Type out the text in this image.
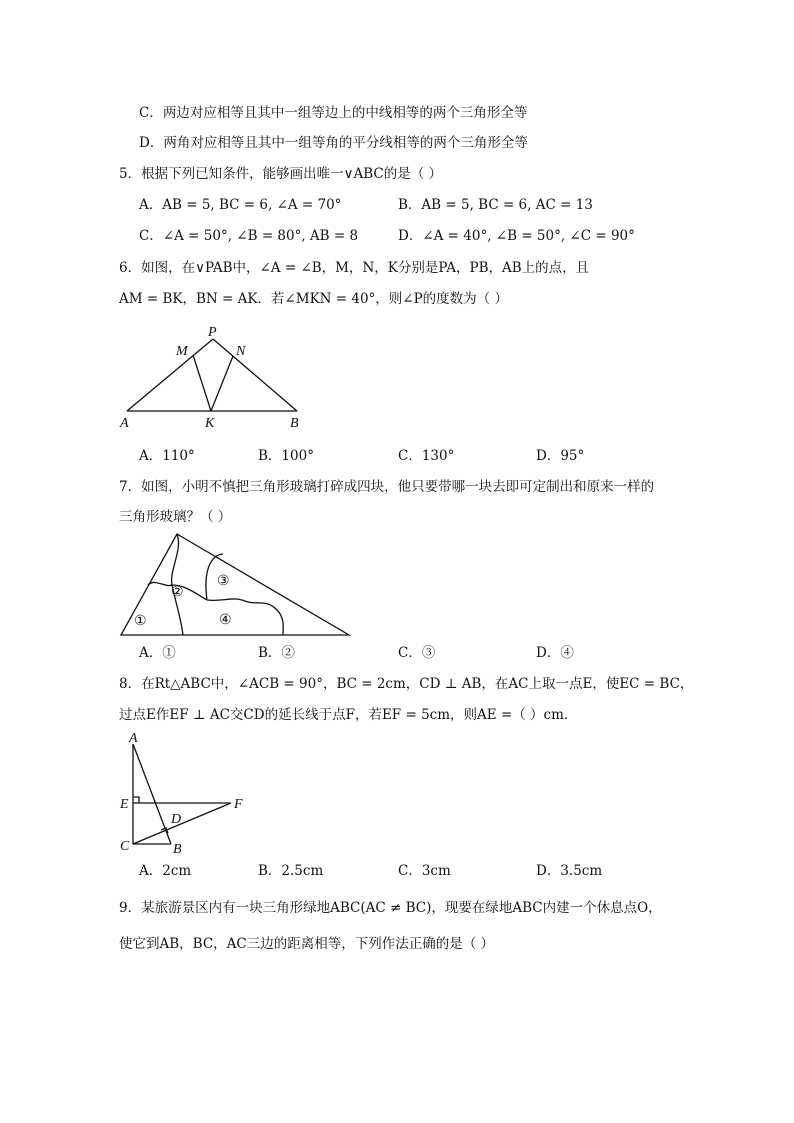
C．两边对应相等且其中一组等边上的中线相等的两个三角形全等
D．两角对应相等且其中一组等角的平分线相等的两个三角形全等
5．根据下列已知条件，能够画出唯一∨ABC的是（ ）
A．AB = 5, BC = 6, ∠A = 70°	B．AB = 5, BC = 6, AC = 13
C．∠A = 50°, ∠B = 80°, AB = 8	D．∠A = 40°, ∠B = 50°, ∠C = 90°
6．如图，在∨PAB中，∠A = ∠B，M，N，K分别是PA，PB，AB上的点，且
AM = BK，BN = AK．若∠MKN = 40°，则∠P的度数为（ ）
P
M	N
A	K	B
A．110°	B．100°	C．130°	D．95°
7．如图，小明不慎把三角形玻璃打碎成四块，他只要带哪一块去即可定制出和原来一样的
三角形玻璃？（ ）
①
②
③
④
A．①	B．②	C．③	D．④
8．在Rt△ABC中，∠ACB = 90°，BC = 2cm，CD ⊥ AB，在AC上取一点E，使EC = BC，
过点E作EF ⊥ AC交CD的延长线于点F，若EF = 5cm，则AE =（ ）cm．
A
E	F
D
C	B
A．2cm	B．2.5cm	C．3cm	D．3.5cm
9．某旅游景区内有一块三角形绿地ABC(AC ≠ BC)，现要在绿地ABC内建一个休息点O，
使它到AB，BC，AC三边的距离相等，下列作法正确的是（ ）
